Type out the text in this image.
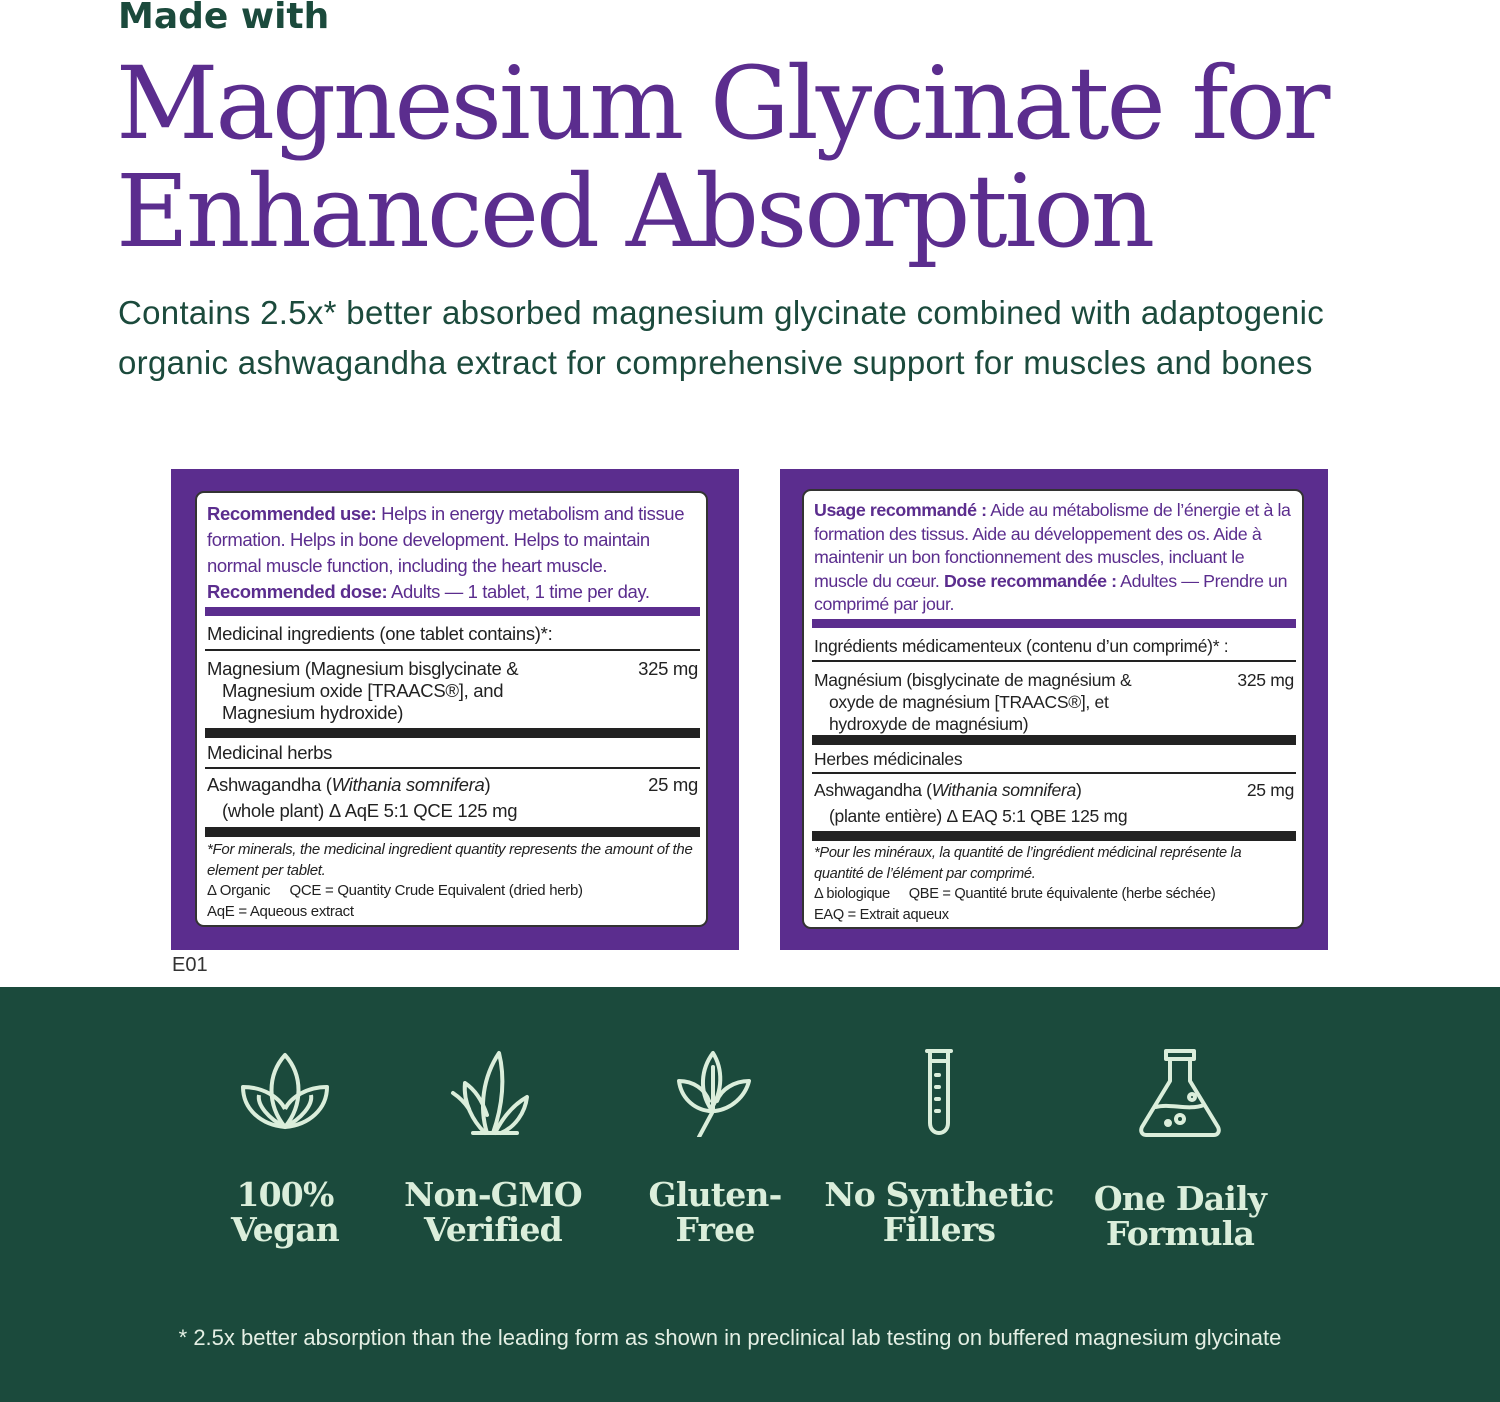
Made with
Magnesium Glycinate for
Enhanced Absorption

Contains 2.5x* better absorbed magnesium glycinate combined with adaptogenic organic ashwagandha extract for comprehensive support for muscles and bones

Recommended use: Helps in energy metabolism and tissue formation. Helps in bone development. Helps to maintain normal muscle function, including the heart muscle.
Recommended dose: Adults — 1 tablet, 1 time per day.

Medicinal ingredients (one tablet contains)*:
Magnesium (Magnesium bisglycinate &
Magnesium oxide [TRAACS®], and
Magnesium hydroxide)
325 mg
Medicinal herbs
Ashwagandha (Withania somnifera)
(whole plant) Δ AqE 5:1 QCE 125 mg
25 mg
*For minerals, the medicinal ingredient quantity represents the amount of the element per tablet.
Δ Organic     QCE = Quantity Crude Equivalent (dried herb)
AqE = Aqueous extract

Usage recommandé : Aide au métabolisme de l’énergie et à la formation des tissus. Aide au développement des os. Aide à maintenir un bon fonctionnement des muscles, incluant le muscle du cœur. Dose recommandée : Adultes — Prendre un comprimé par jour.

Ingrédients médicamenteux (contenu d’un comprimé)* :
Magnésium (bisglycinate de magnésium &
oxyde de magnésium [TRAACS®], et
hydroxyde de magnésium)
325 mg
Herbes médicinales
Ashwagandha (Withania somnifera)
(plante entière) Δ EAQ 5:1 QBE 125 mg
25 mg
*Pour les minéraux, la quantité de l’ingrédient médicinal représente la quantité de l’élément par comprimé.
Δ biologique     QBE = Quantité brute équivalente (herbe séchée)
EAQ = Extrait aqueux
E01
100%
Vegan
Non-GMO
Verified
Gluten-
Free
No Synthetic
Fillers
One Daily
Formula
* 2.5x better absorption than the leading form as shown in preclinical lab testing on buffered magnesium glycinate
